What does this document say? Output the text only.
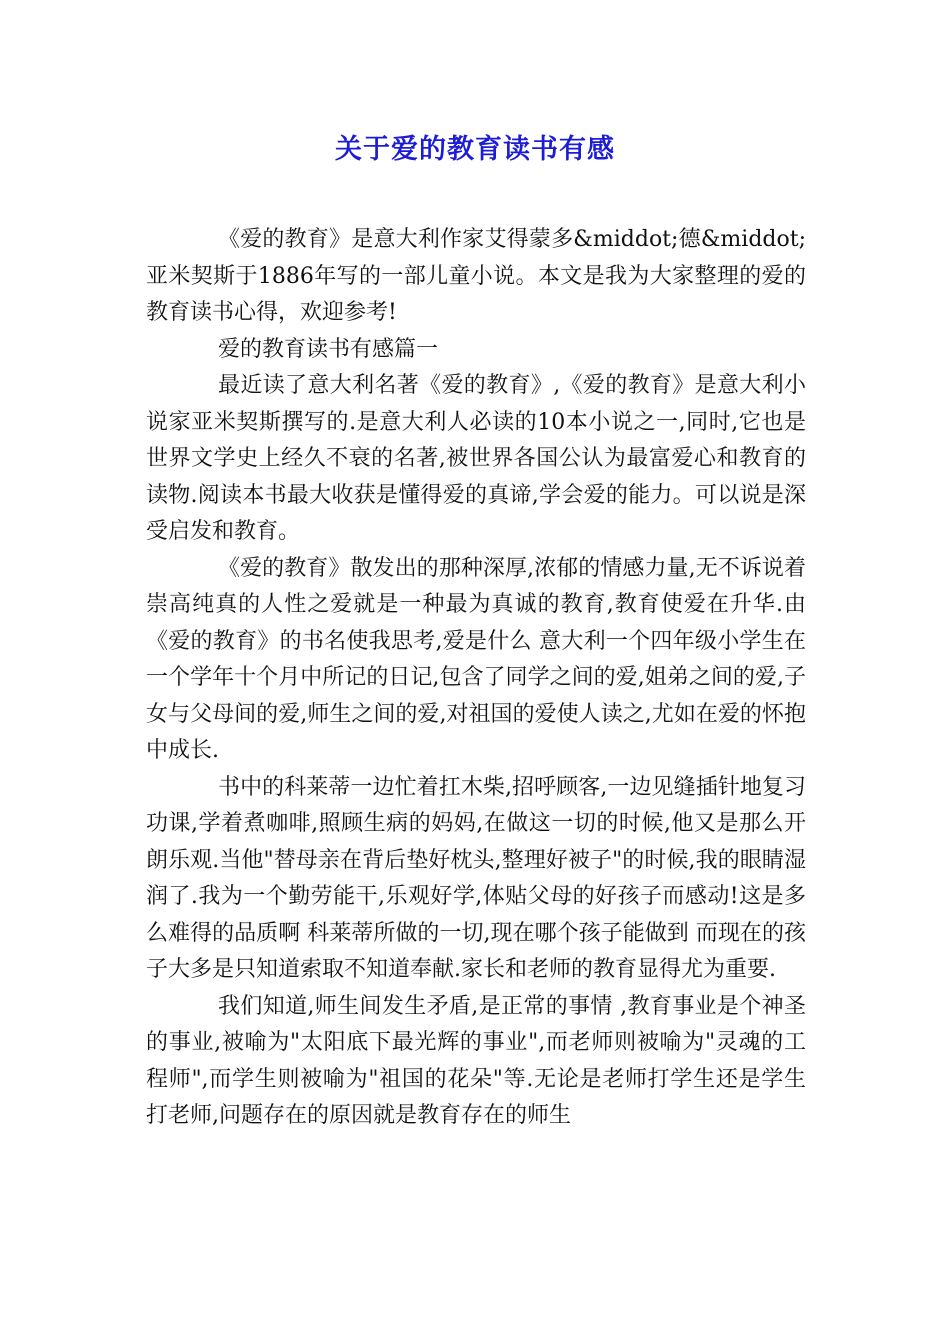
关于爱的教育读书有感

《爱的教育》是意大利作家艾得蒙多&middot;德&middot;亚米契斯于1886年写的一部儿童小说。本文是我为大家整理的爱的教育读书心得，欢迎参考!

爱的教育读书有感篇一

最近读了意大利名著《爱的教育》,《爱的教育》是意大利小说家亚米契斯撰写的.是意大利人必读的10本小说之一,同时,它也是世界文学史上经久不衰的名著,被世界各国公认为最富爱心和教育的读物.阅读本书最大收获是懂得爱的真谛,学会爱的能力。可以说是深受启发和教育。

《爱的教育》散发出的那种深厚,浓郁的情感力量,无不诉说着崇高纯真的人性之爱就是一种最为真诚的教育,教育使爱在升华.由《爱的教育》的书名使我思考,爱是什么 意大利一个四年级小学生在一个学年十个月中所记的日记,包含了同学之间的爱,姐弟之间的爱,子女与父母间的爱,师生之间的爱,对祖国的爱使人读之,尤如在爱的怀抱中成长.

书中的科莱蒂一边忙着扛木柴,招呼顾客,一边见缝插针地复习功课,学着煮咖啡,照顾生病的妈妈,在做这一切的时候,他又是那么开朗乐观.当他"替母亲在背后垫好枕头,整理好被子"的时候,我的眼睛湿润了.我为一个勤劳能干,乐观好学,体贴父母的好孩子而感动!这是多么难得的品质啊 科莱蒂所做的一切,现在哪个孩子能做到 而现在的孩子大多是只知道索取不知道奉献.家长和老师的教育显得尤为重要.

我们知道,师生间发生矛盾,是正常的事情 ,教育事业是个神圣的事业,被喻为"太阳底下最光辉的事业",而老师则被喻为"灵魂的工程师",而学生则被喻为"祖国的花朵"等.无论是老师打学生还是学生打老师,问题存在的原因就是教育存在的师生
